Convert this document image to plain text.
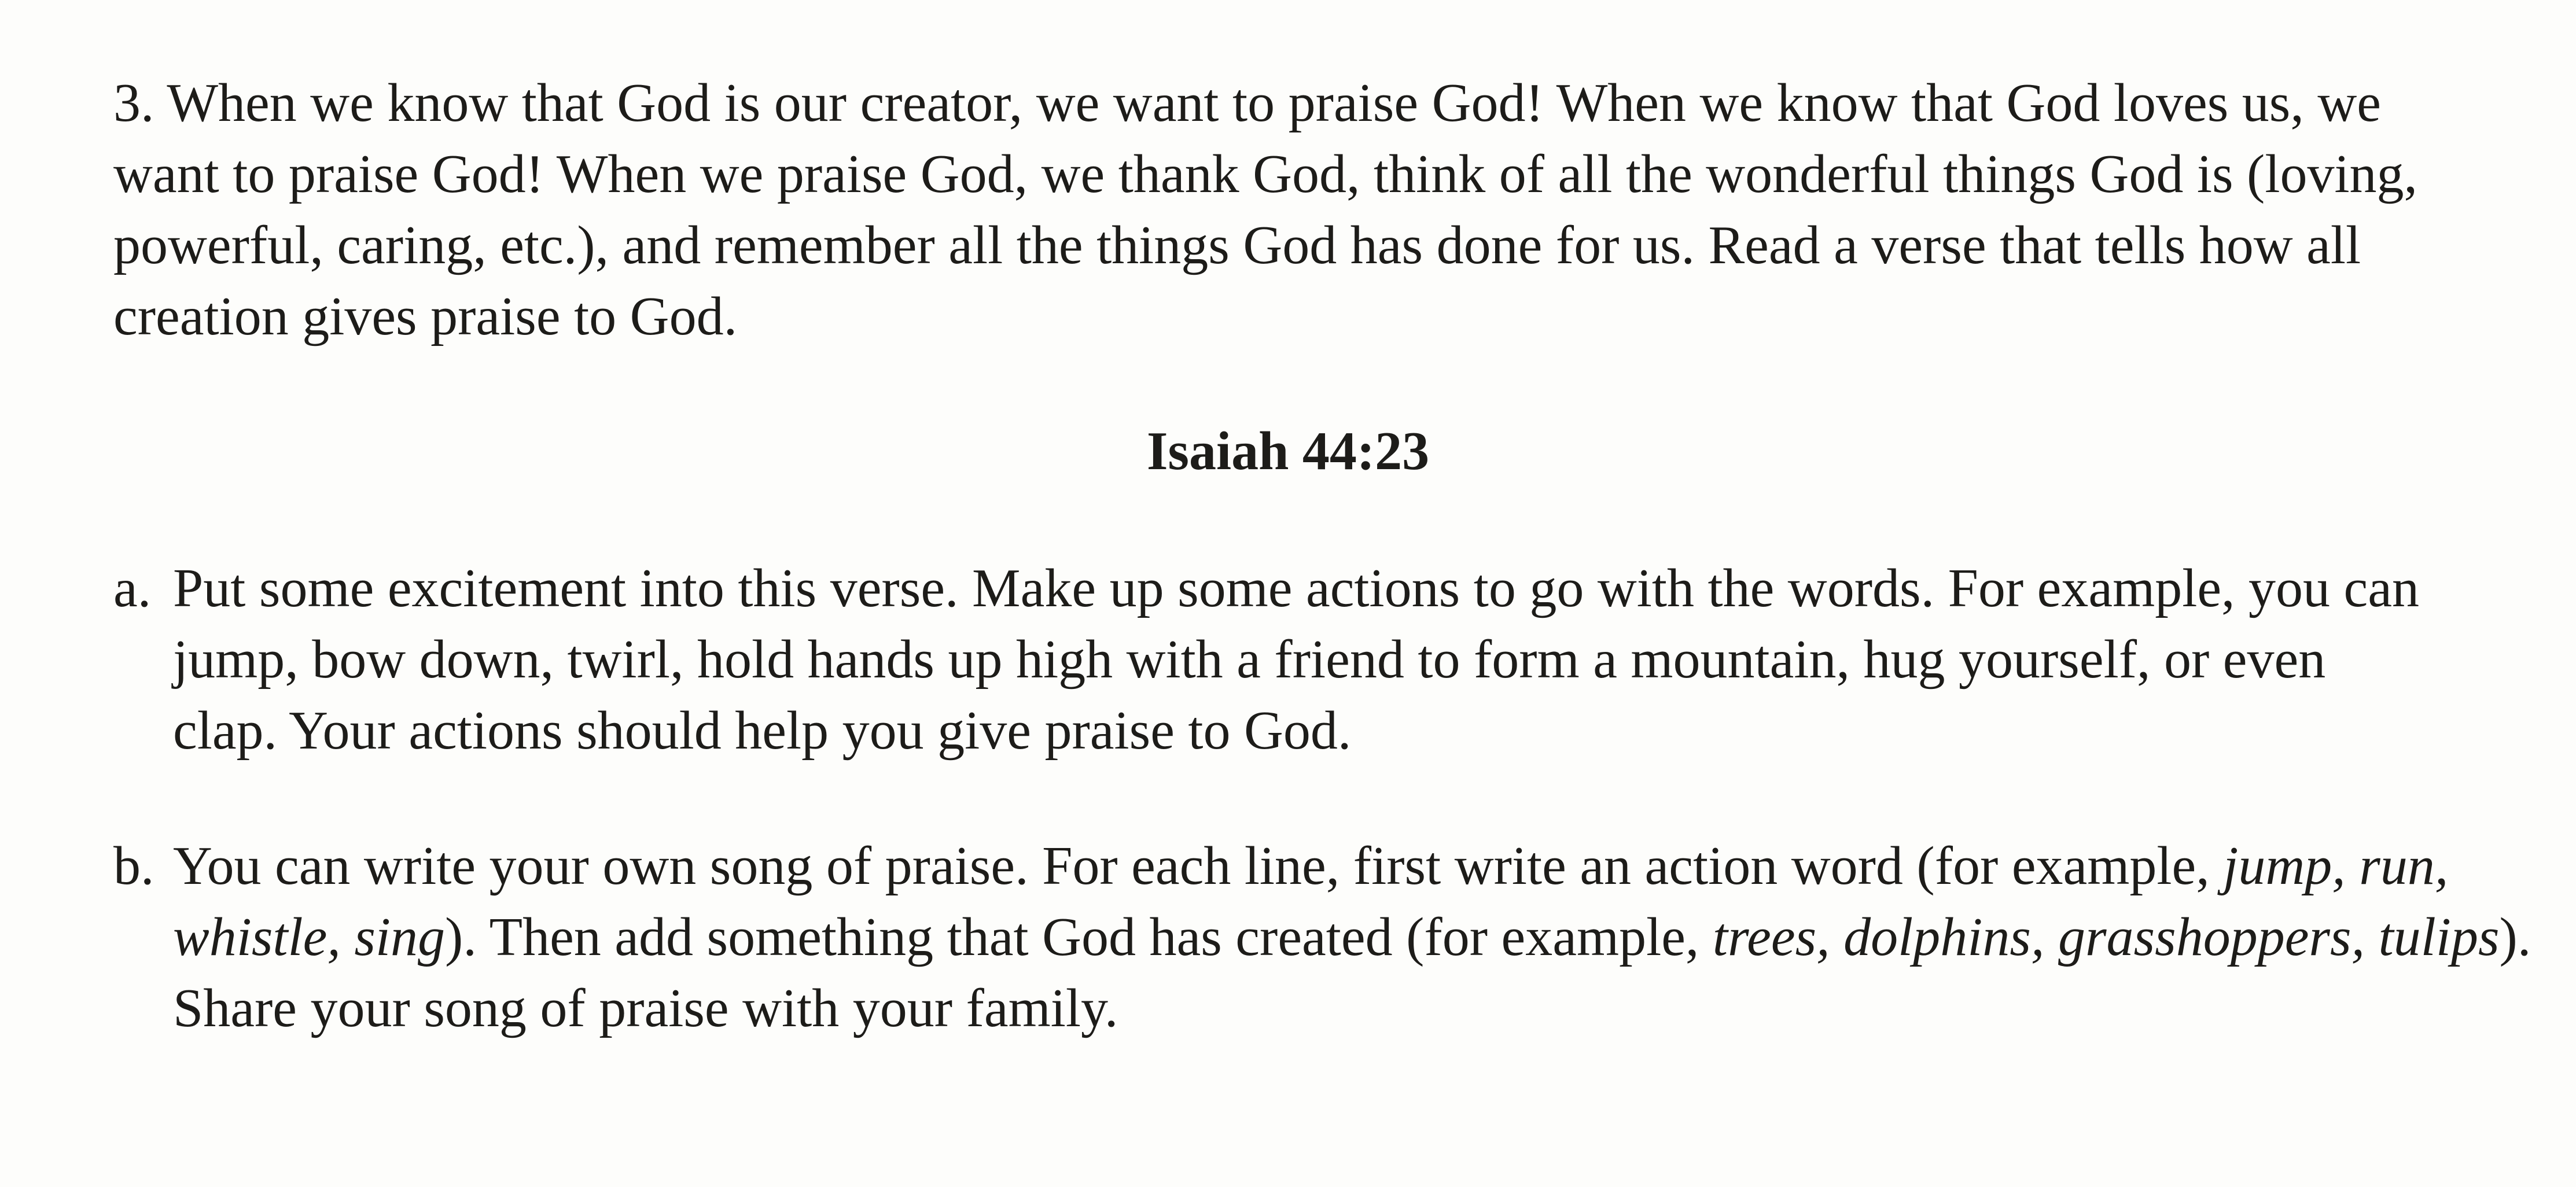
3. When we know that God is our creator, we want to praise God! When we know that God loves us, we
want to praise God! When we praise God, we thank God, think of all the wonderful things God is (loving,
powerful, caring, etc.), and remember all the things God has done for us. Read a verse that tells how all
creation gives praise to God.

Isaiah 44:23
a. Put some excitement into this verse. Make up some actions to go with the words. For example, you can
jump, bow down, twirl, hold hands up high with a friend to form a mountain, hug yourself, or even
clap. Your actions should help you give praise to God.
b. You can write your own song of praise. For each line, first write an action word (for example, jump, run,
whistle, sing). Then add something that God has created (for example, trees, dolphins, grasshoppers, tulips).
Share your song of praise with your family.
